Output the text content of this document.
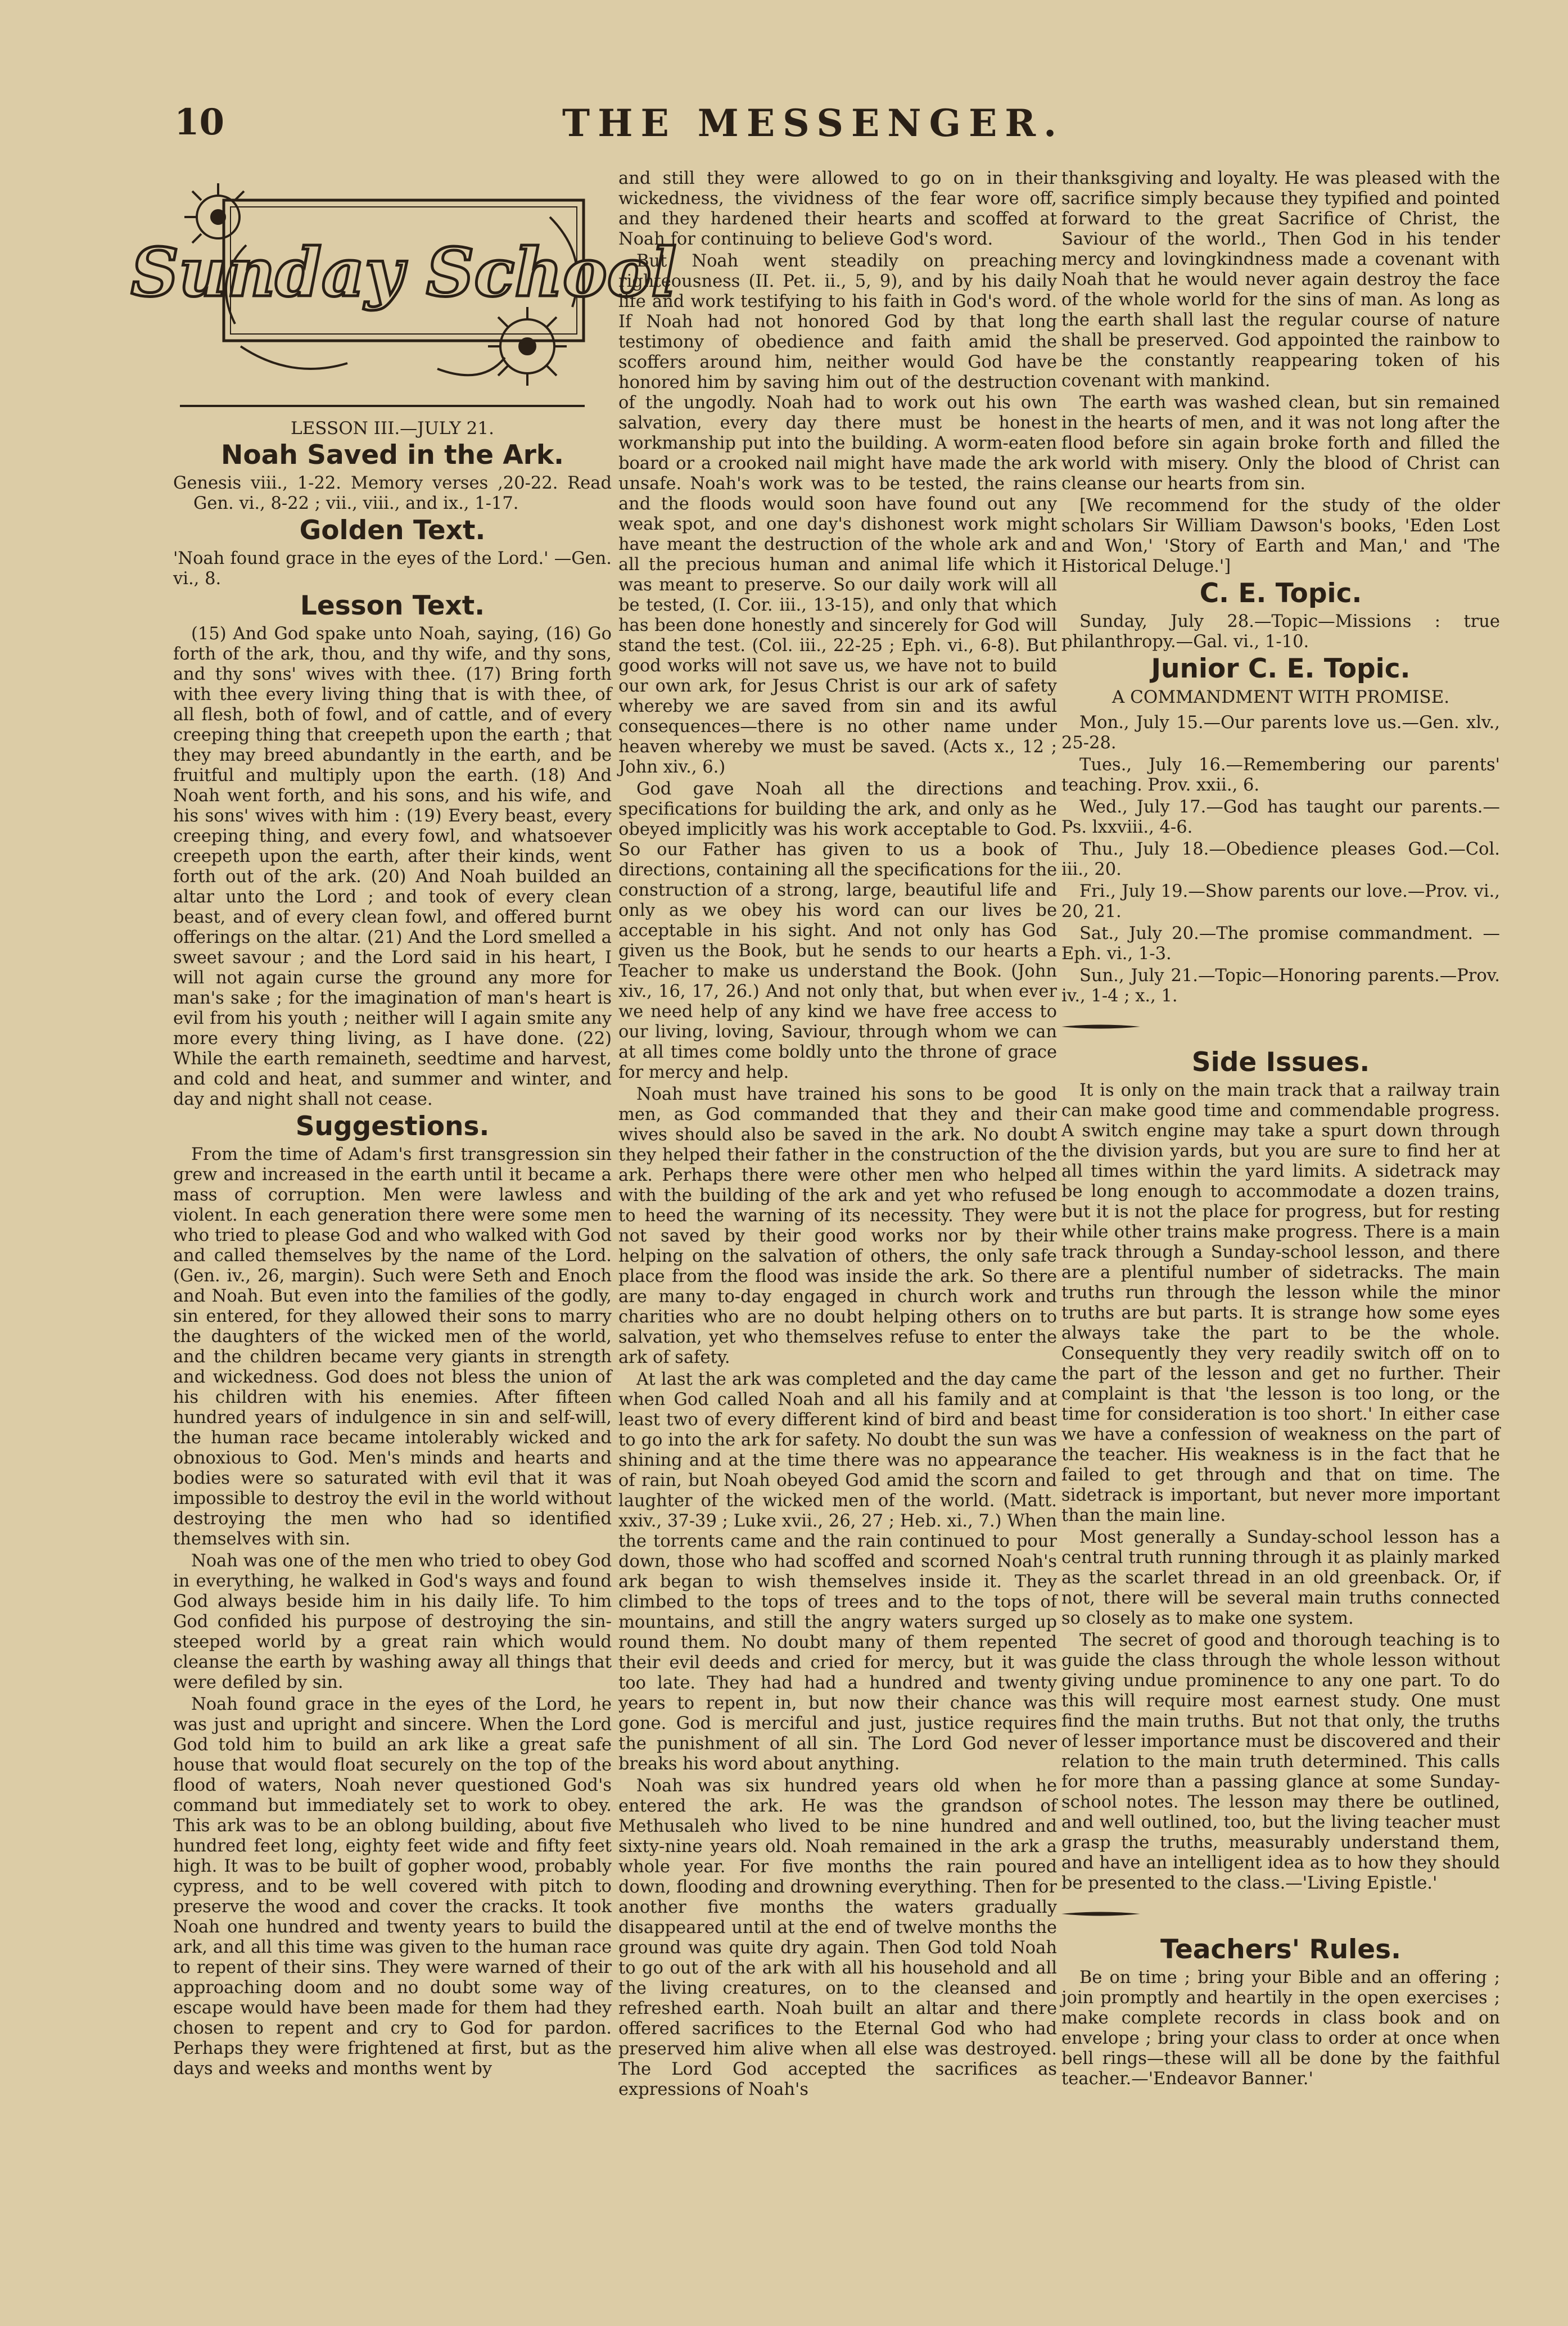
10	THE MESSENGER.
Sunday School
LESSON III.—JULY 21.
Noah Saved in the Ark.

Genesis viii., 1-22. Memory verses ,20-22. Read Gen. vi., 8-22 ; vii., viii., and ix., 1-17.

Golden Text.

'Noah found grace in the eyes of the Lord.' —Gen. vi., 8.

Lesson Text.

(15) And God spake unto Noah, saying, (16) Go forth of the ark, thou, and thy wife, and thy sons, and thy sons' wives with thee. (17) Bring forth with thee every living thing that is with thee, of all flesh, both of fowl, and of cattle, and of every creeping thing that creepeth upon the earth ; that they may breed abundantly in the earth, and be fruitful and multiply upon the earth. (18) And Noah went forth, and his sons, and his wife, and his sons' wives with him : (19) Every beast, every creeping thing, and every fowl, and whatsoever creepeth upon the earth, after their kinds, went forth out of the ark. (20) And Noah builded an altar unto the Lord ; and took of every clean beast, and of every clean fowl, and offered burnt offerings on the altar. (21) And the Lord smelled a sweet savour ; and the Lord said in his heart, I will not again curse the ground any more for man's sake ; for the imagination of man's heart is evil from his youth ; neither will I again smite any more every thing living, as I have done. (22) While the earth remaineth, seedtime and harvest, and cold and heat, and summer and winter, and day and night shall not cease.

Suggestions.

From the time of Adam's first transgression sin grew and increased in the earth until it became a mass of corruption. Men were lawless and violent. In each generation there were some men who tried to please God and who walked with God and called themselves by the name of the Lord. (Gen. iv., 26, margin). Such were Seth and Enoch and Noah. But even into the families of the godly, sin entered, for they allowed their sons to marry the daughters of the wicked men of the world, and the children became very giants in strength and wickedness. God does not bless the union of his children with his enemies. After fifteen hundred years of indulgence in sin and self-will, the human race became intolerably wicked and obnoxious to God. Men's minds and hearts and bodies were so saturated with evil that it was impossible to destroy the evil in the world without destroying the men who had so identified themselves with sin.

Noah was one of the men who tried to obey God in everything, he walked in God's ways and found God always beside him in his daily life. To him God confided his purpose of destroying the sin-steeped world by a great rain which would cleanse the earth by washing away all things that were defiled by sin.

Noah found grace in the eyes of the Lord, he was just and upright and sincere. When the Lord God told him to build an ark like a great safe house that would float securely on the top of the flood of waters, Noah never questioned God's command but immediately set to work to obey. This ark was to be an oblong building, about five hundred feet long, eighty feet wide and fifty feet high. It was to be built of gopher wood, probably cypress, and to be well covered with pitch to preserve the wood and cover the cracks. It took Noah one hundred and twenty years to build the ark, and all this time was given to the human race to repent of their sins. They were warned of their approaching doom and no doubt some way of escape would have been made for them had they chosen to repent and cry to God for pardon. Perhaps they were frightened at first, but as the days and weeks and months went by

and still they were allowed to go on in their wickedness, the vividness of the fear wore off, and they hardened their hearts and scoffed at Noah for continuing to believe God's word.

But Noah went steadily on preaching righteousness (II. Pet. ii., 5, 9), and by his daily life and work testifying to his faith in God's word. If Noah had not honored God by that long testimony of obedience and faith amid the scoffers around him, neither would God have honored him by saving him out of the destruction of the ungodly. Noah had to work out his own salvation, every day there must be honest workmanship put into the building. A worm-eaten board or a crooked nail might have made the ark unsafe. Noah's work was to be tested, the rains and the floods would soon have found out any weak spot, and one day's dishonest work might have meant the destruction of the whole ark and all the precious human and animal life which it was meant to preserve. So our daily work will all be tested, (I. Cor. iii., 13-15), and only that which has been done honestly and sincerely for God will stand the test. (Col. iii., 22-25 ; Eph. vi., 6-8). But good works will not save us, we have not to build our own ark, for Jesus Christ is our ark of safety whereby we are saved from sin and its awful consequences—there is no other name under heaven whereby we must be saved. (Acts x., 12 ; John xiv., 6.)

God gave Noah all the directions and specifications for building the ark, and only as he obeyed implicitly was his work acceptable to God. So our Father has given to us a book of directions, containing all the specifications for the construction of a strong, large, beautiful life and only as we obey his word can our lives be acceptable in his sight. And not only has God given us the Book, but he sends to our hearts a Teacher to make us understand the Book. (John xiv., 16, 17, 26.) And not only that, but when ever we need help of any kind we have free access to our living, loving, Saviour, through whom we can at all times come boldly unto the throne of grace for mercy and help.

Noah must have trained his sons to be good men, as God commanded that they and their wives should also be saved in the ark. No doubt they helped their father in the construction of the ark. Perhaps there were other men who helped with the building of the ark and yet who refused to heed the warning of its necessity. They were not saved by their good works nor by their helping on the salvation of others, the only safe place from the flood was inside the ark. So there are many to-day engaged in church work and charities who are no doubt helping others on to salvation, yet who themselves refuse to enter the ark of safety.

At last the ark was completed and the day came when God called Noah and all his family and at least two of every different kind of bird and beast to go into the ark for safety. No doubt the sun was shining and at the time there was no appearance of rain, but Noah obeyed God amid the scorn and laughter of the wicked men of the world. (Matt. xxiv., 37-39 ; Luke xvii., 26, 27 ; Heb. xi., 7.) When the torrents came and the rain continued to pour down, those who had scoffed and scorned Noah's ark began to wish themselves inside it. They climbed to the tops of trees and to the tops of mountains, and still the angry waters surged up round them. No doubt many of them repented their evil deeds and cried for mercy, but it was too late. They had had a hundred and twenty years to repent in, but now their chance was gone. God is merciful and just, justice requires the punishment of all sin. The Lord God never breaks his word about anything.

Noah was six hundred years old when he entered the ark. He was the grandson of Methusaleh who lived to be nine hundred and sixty-nine years old. Noah remained in the ark a whole year. For five months the rain poured down, flooding and drowning everything. Then for another five months the waters gradually disappeared until at the end of twelve months the ground was quite dry again. Then God told Noah to go out of the ark with all his household and all the living creatures, on to the cleansed and refreshed earth. Noah built an altar and there offered sacrifices to the Eternal God who had preserved him alive when all else was destroyed. The Lord God accepted the sacrifices as expressions of Noah's

thanksgiving and loyalty. He was pleased with the sacrifice simply because they typified and pointed forward to the great Sacrifice of Christ, the Saviour of the world., Then God in his tender mercy and lovingkindness made a covenant with Noah that he would never again destroy the face of the whole world for the sins of man. As long as the earth shall last the regular course of nature shall be preserved. God appointed the rainbow to be the constantly reappearing token of his covenant with mankind.

The earth was washed clean, but sin remained in the hearts of men, and it was not long after the flood before sin again broke forth and filled the world with misery. Only the blood of Christ can cleanse our hearts from sin.

[We recommend for the study of the older scholars Sir William Dawson's books, 'Eden Lost and Won,' 'Story of Earth and Man,' and 'The Historical Deluge.']

C. E. Topic.

Sunday, July 28.—Topic—Missions : true philanthropy.—Gal. vi., 1-10.

Junior C. E. Topic.
A COMMANDMENT WITH PROMISE.

Mon., July 15.—Our parents love us.—Gen. xlv., 25-28.

Tues., July 16.—Remembering our parents' teaching. Prov. xxii., 6.

Wed., July 17.—God has taught our parents.—Ps. lxxviii., 4-6.

Thu., July 18.—Obedience pleases God.—Col. iii., 20.

Fri., July 19.—Show parents our love.—Prov. vi., 20, 21.

Sat., July 20.—The promise commandment. —Eph. vi., 1-3.

Sun., July 21.—Topic—Honoring parents.—Prov. iv., 1-4 ; x., 1.

Side Issues.

It is only on the main track that a railway train can make good time and commendable progress. A switch engine may take a spurt down through the division yards, but you are sure to find her at all times within the yard limits. A sidetrack may be long enough to accommodate a dozen trains, but it is not the place for progress, but for resting while other trains make progress. There is a main track through a Sunday-school lesson, and there are a plentiful number of sidetracks. The main truths run through the lesson while the minor truths are but parts. It is strange how some eyes always take the part to be the whole. Consequently they very readily switch off on to the part of the lesson and get no further. Their complaint is that 'the lesson is too long, or the time for consideration is too short.' In either case we have a confession of weakness on the part of the teacher. His weakness is in the fact that he failed to get through and that on time. The sidetrack is important, but never more important than the main line.

Most generally a Sunday-school lesson has a central truth running through it as plainly marked as the scarlet thread in an old greenback. Or, if not, there will be several main truths connected so closely as to make one system.

The secret of good and thorough teaching is to guide the class through the whole lesson without giving undue prominence to any one part. To do this will require most earnest study. One must find the main truths. But not that only, the truths of lesser importance must be discovered and their relation to the main truth determined. This calls for more than a passing glance at some Sunday-school notes. The lesson may there be outlined, and well outlined, too, but the living teacher must grasp the truths, measurably understand them, and have an intelligent idea as to how they should be presented to the class.—'Living Epistle.'

Teachers' Rules.

Be on time ; bring your Bible and an offering ; join promptly and heartily in the open exercises ; make complete records in class book and on envelope ; bring your class to order at once when bell rings—these will all be done by the faithful teacher.—'Endeavor Banner.'
